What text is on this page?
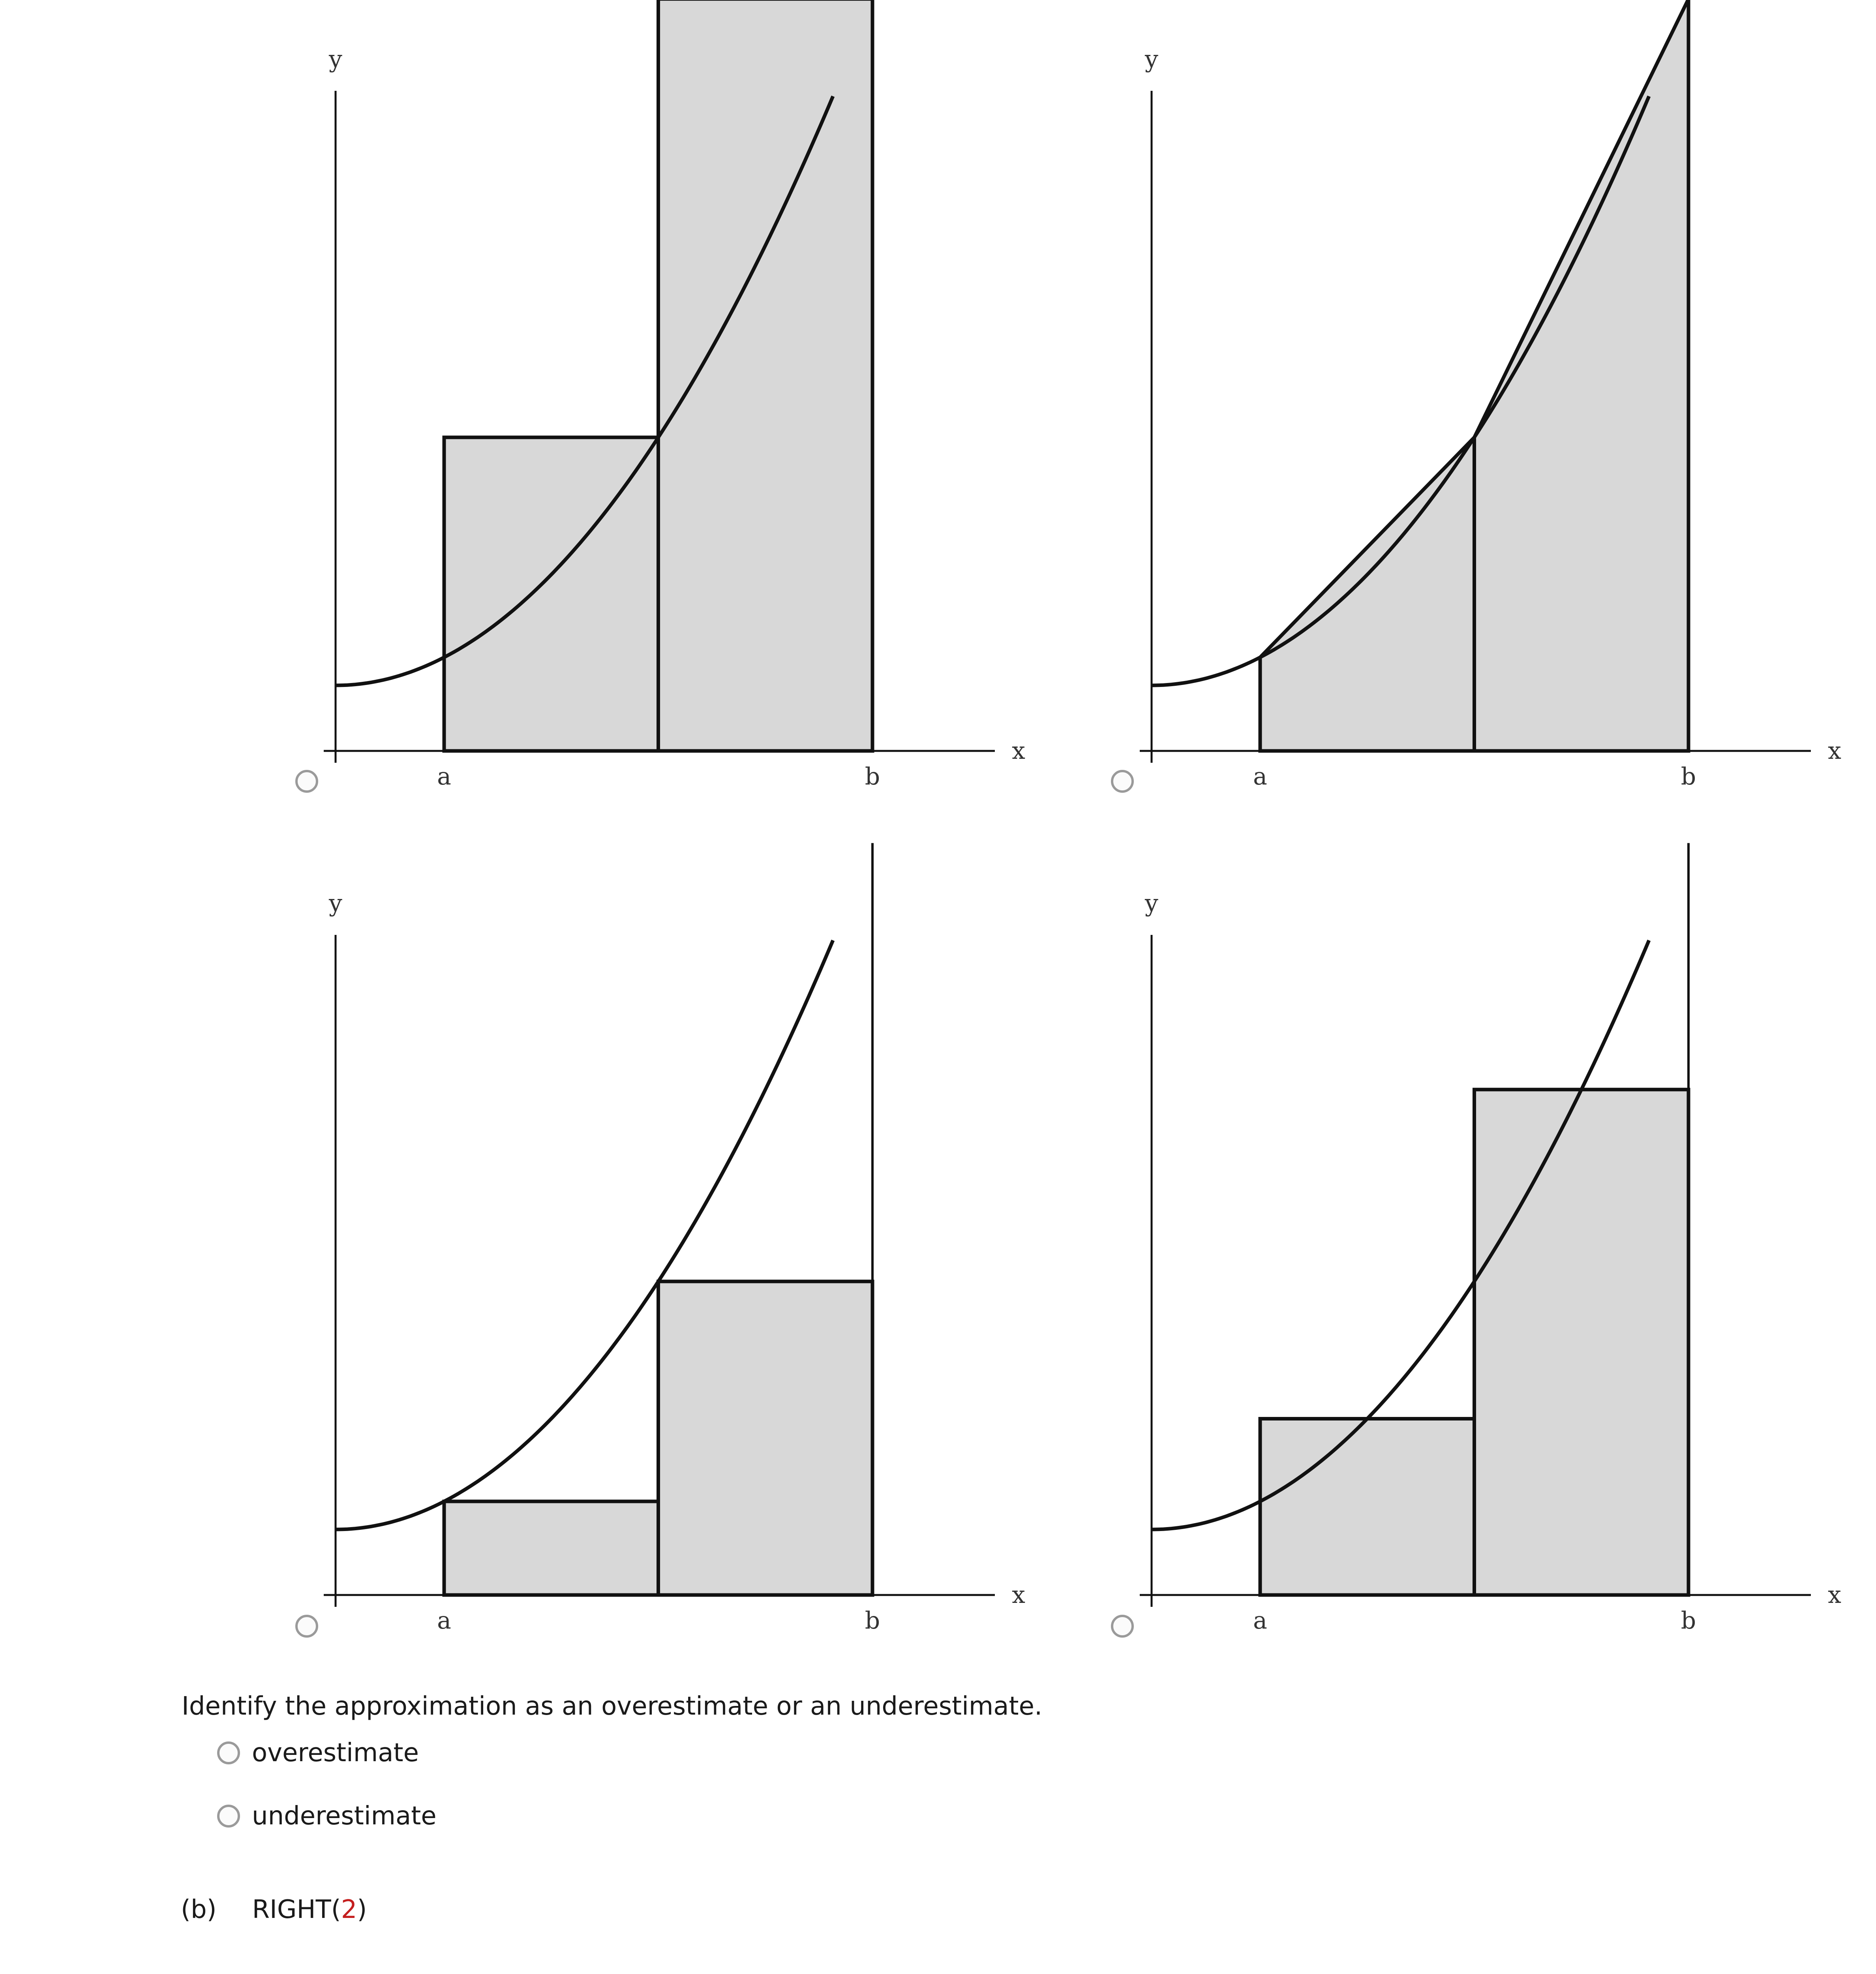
y
x
a	b
y
x
a	b
y
x
a	b
y
x
a	b
Identify the approximation as an overestimate or an underestimate.
overestimate
underestimate
(b) RIGHT(2)
